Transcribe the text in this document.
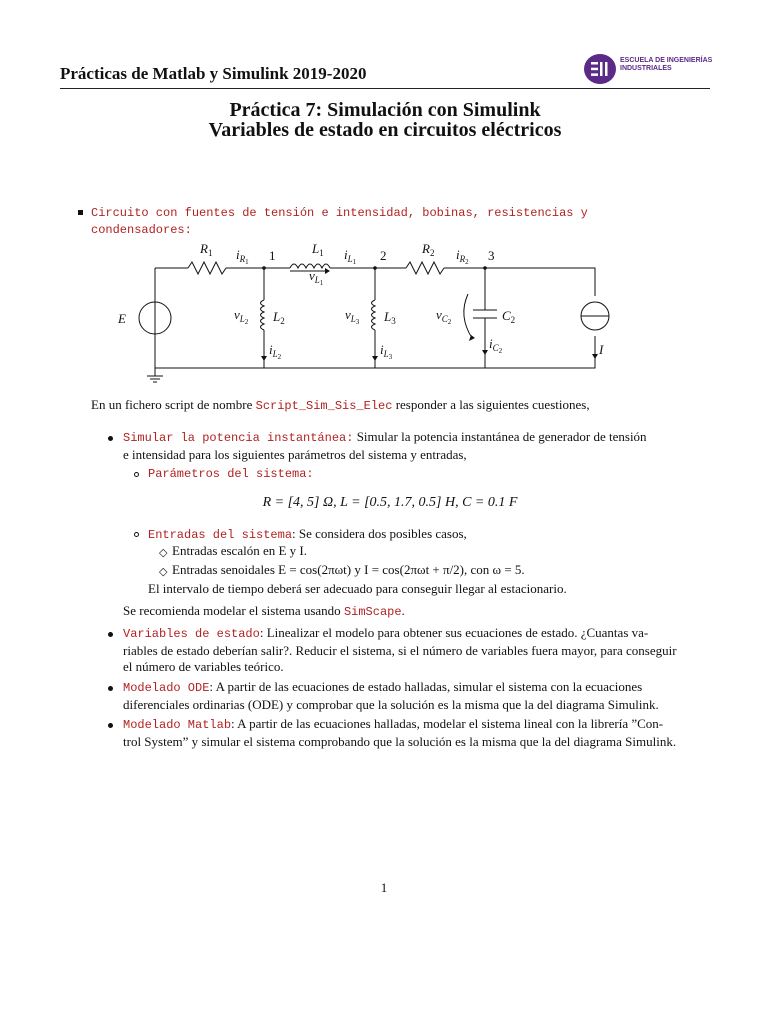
Prácticas de Matlab y Simulink 2019-2020
ESCUELA DE INGENIERÍAS
INDUSTRIALES
Práctica 7: Simulación con Simulink
Variables de estado en circuitos eléctricos
Circuito con fuentes de tensión e intensidad, bobinas, resistencias y
condensadores:
$R_1$ $i_R1$ 1	$L_1$
$v_L1$
$i_L1$ 2	$R_2$ $i_R2$ 3
E	$v_L2$ $L_2$
$i_L2$
$v_L3$ $L_3$
$i_L3$
$v_C2$	$C_2$
$i_C2$	I
En un fichero script de nombre Script_Sim_Sis_Elec responder a las siguientes cuestiones,
Simular la potencia instantánea: Simular la potencia instantánea de generador de tensión
e intensidad para los siguientes parámetros del sistema y entradas,
Parámetros del sistema:
R = [4, 5] Ω, L = [0.5, 1.7, 0.5] H, C = 0.1 F
Entradas del sistema: Se considera dos posibles casos,
◇ Entradas escalón en E y I.
◇ Entradas senoidales E = cos(2πωt) y I = cos(2πωt + π/2), con ω = 5.
El intervalo de tiempo deberá ser adecuado para conseguir llegar al estacionario.
Se recomienda modelar el sistema usando SimScape.
Variables de estado: Linealizar el modelo para obtener sus ecuaciones de estado. ¿Cuantas va-
riables de estado deberían salir?. Reducir el sistema, si el número de variables fuera mayor, para conseguir
el número de variables teórico.
Modelado ODE: A partir de las ecuaciones de estado halladas, simular el sistema con la ecuaciones
diferenciales ordinarias (ODE) y comprobar que la solución es la misma que la del diagrama Simulink.
Modelado Matlab: A partir de las ecuaciones halladas, modelar el sistema lineal con la librería ”Con-
trol System” y simular el sistema comprobando que la solución es la misma que la del diagrama Simulink.
1
